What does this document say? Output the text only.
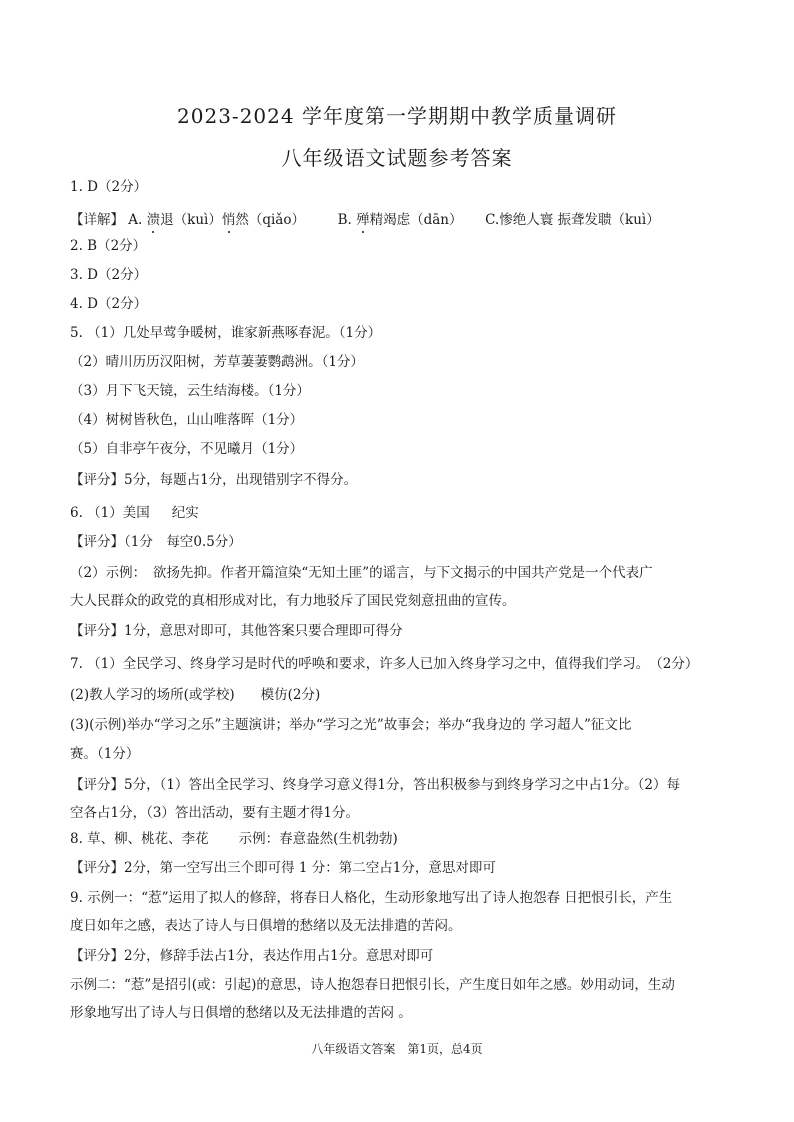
2023-2024 学年度第一学期期中教学质量调研
八年级语文试题参考答案
1. D（2分）
【详解】 A. 溃退（kuì）悄然（qiǎo） B. 殚精竭虑（dān） C.惨绝人寰 振聋发聩（kuì）
2. B（2分）
3. D（2分）
4. D（2分）
5. （1）几处早莺争暖树，谁家新燕啄春泥。（1分）
（2）晴川历历汉阳树，芳草萋萋鹦鹉洲。（1分）
（3）月下飞天镜，云生结海楼。（1分）
（4）树树皆秋色，山山唯落晖（1分）
（5）自非亭午夜分，不见曦月（1分）
【评分】5分，每题占1分，出现错别字不得分。
6. （1）美国 纪实
【评分】（1分　每空0.5分）
（2）示例：　欲扬先抑。作者开篇渲染“无知土匪”的谣言，与下文揭示的中国共产党是一个代表广
大人民群众的政党的真相形成对比，有力地驳斥了国民党刻意扭曲的宣传。
【评分】1分，意思对即可，其他答案只要合理即可得分
7. （1）全民学习、终身学习是时代的呼唤和要求，许多人已加入终身学习之中，值得我们学习。　（2分）
(2)教人学习的场所(或学校) 模仿(2分)
(3)(示例)举办“学习之乐”主题演讲；举办“学习之光”故事会；举办“我身边的 学习超人”征文比
赛。（1分）
【评分】5分，（1）答出全民学习、终身学习意义得1分，答出积极参与到终身学习之中占1分。（2）每
空各占1分，（3）答出活动，要有主题才得1分。
8. 草、柳、桃花、李花 示例：春意盎然(生机勃勃)
【评分】2分，第一空写出三个即可得 1 分：第二空占1分，意思对即可
9. 示例一：“惹”运用了拟人的修辞，将春日人格化，生动形象地写出了诗人抱怨春 日把恨引长，产生
度日如年之感，表达了诗人与日俱增的愁绪以及无法排遣的苦闷。
【评分】2分，修辞手法占1分，表达作用占1分。意思对即可
示例二：“惹”是招引(或：引起)的意思，诗人抱怨春日把恨引长，产生度日如年之感。妙用动词，生动
形象地写出了诗人与日俱增的愁绪以及无法排遣的苦闷 。
八年级语文答案　第1页，总4页
